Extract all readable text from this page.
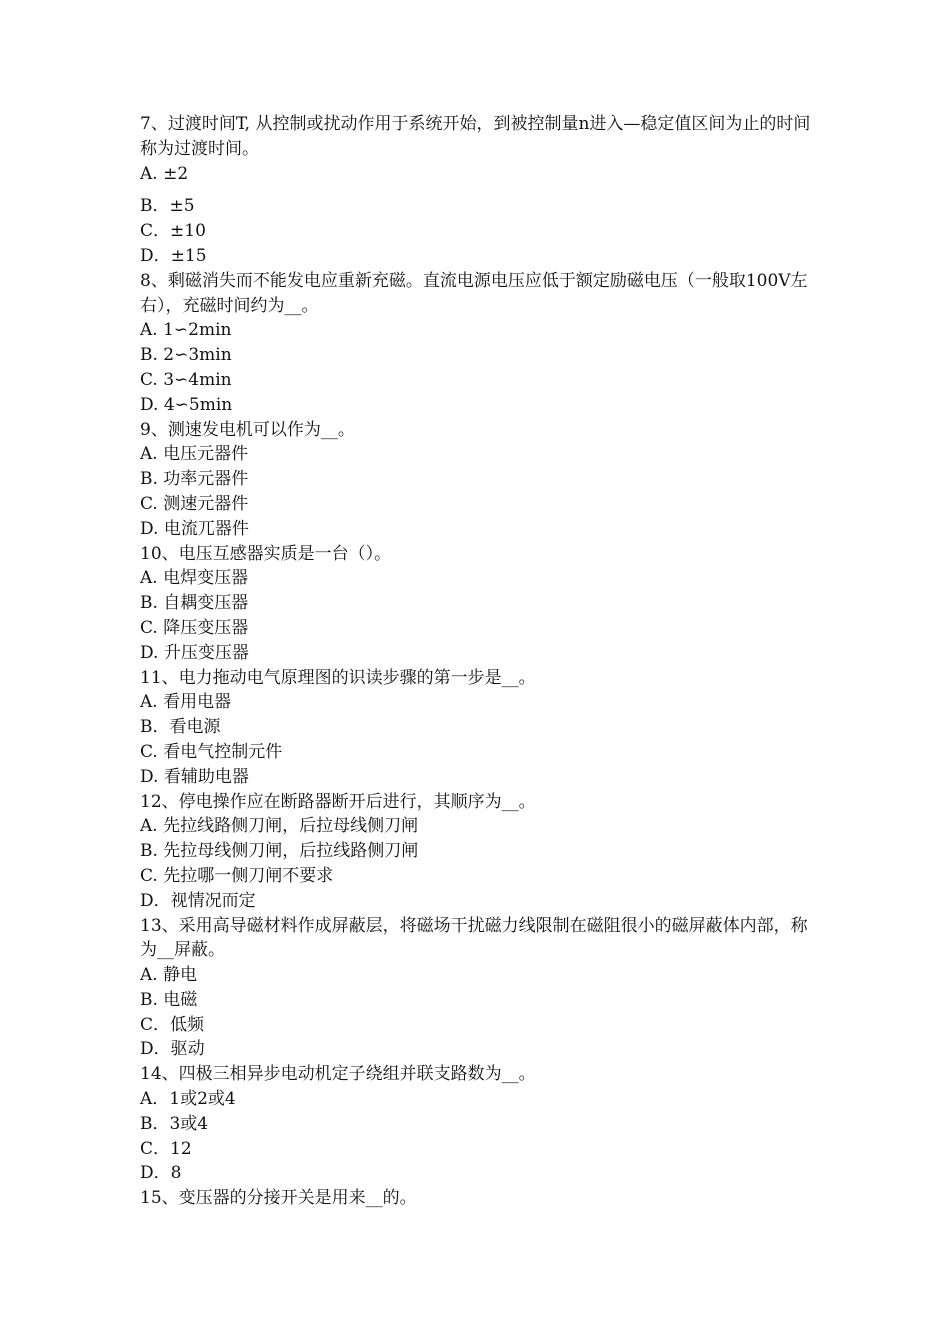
7、过渡时间T, 从控制或扰动作用于系统开始，到被控制量n进入—稳定值区间为止的时间称为过渡时间。
A. ±2
B．±5
C．±10
D．±15
8、剩磁消失而不能发电应重新充磁。直流电源电压应低于额定励磁电压（一般取100V左右），充磁时间约为__。
A. 1∽2min
B. 2∽3min
C. 3∽4min
D. 4∽5min
9、测速发电机可以作为__。
A. 电压元器件
B. 功率元器件
C. 测速元器件
D. 电流兀器件
10、电压互感器实质是一台（）。
A. 电焊变压器
B. 自耦变压器
C. 降压变压器
D. 升压变压器
11、电力拖动电气原理图的识读步骤的第一步是__。
A. 看用电器
B．看电源
C. 看电气控制元件
D. 看辅助电器
12、停电操作应在断路器断开后进行，其顺序为__。
A. 先拉线路侧刀闸，后拉母线侧刀闸
B. 先拉母线侧刀闸，后拉线路侧刀闸
C. 先拉哪一侧刀闸不要求
D．视情况而定
13、采用高导磁材料作成屏蔽层，将磁场干扰磁力线限制在磁阻很小的磁屏蔽体内部，称为__屏蔽。
A. 静电
B. 电磁
C．低频
D．驱动
14、四极三相异步电动机定子绕组并联支路数为__。
A．1或2或4
B．3或4
C．12
D．8
15、变压器的分接开关是用来__的。
